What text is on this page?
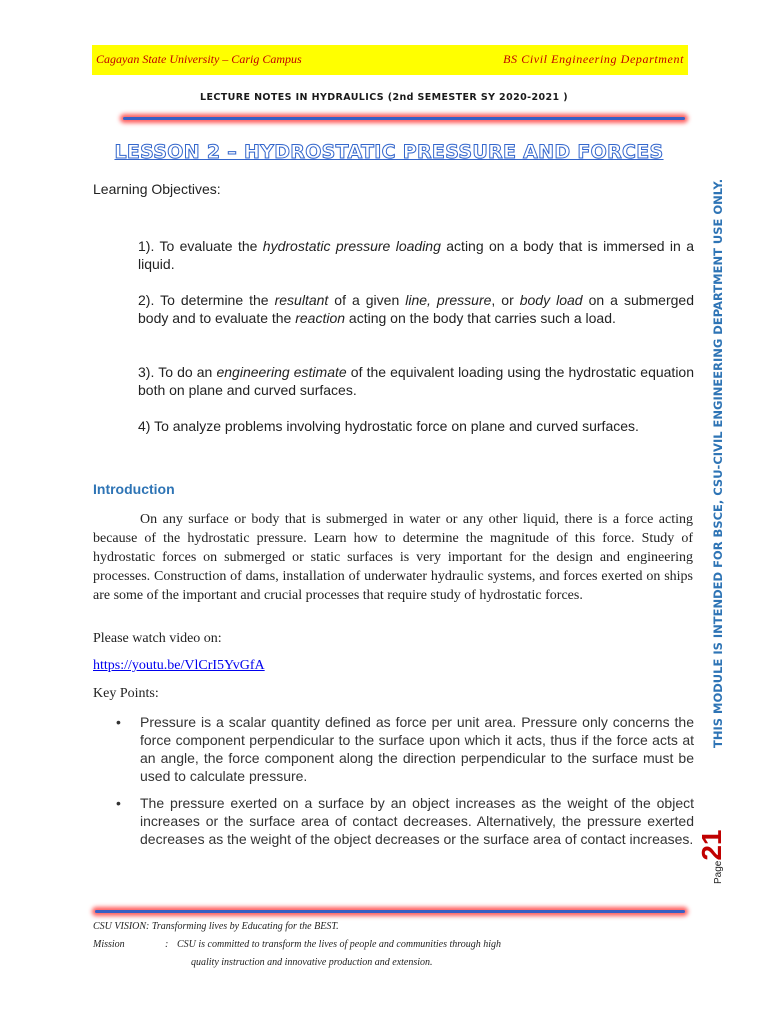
Cagayan State University – Carig Campus	BS Civil Engineering Department
LECTURE NOTES IN HYDRAULICS (2nd SEMESTER SY 2020-2021 )
LESSON 2 – HYDROSTATIC PRESSURE AND FORCES
Learning Objectives:
1). To evaluate the hydrostatic pressure loading acting on a body that is immersed in a liquid.
2). To determine the resultant of a given line, pressure, or body load on a submerged body and to evaluate the reaction acting on the body that carries such a load.
3). To do an engineering estimate of the equivalent loading using the hydrostatic equation both on plane and curved surfaces.
4) To analyze problems involving hydrostatic force on plane and curved surfaces.
Introduction
On any surface or body that is submerged in water or any other liquid, there is a force acting because of the hydrostatic pressure. Learn how to determine the magnitude of this force. Study of hydrostatic forces on submerged or static surfaces is very important for the design and engineering processes. Construction of dams, installation of underwater hydraulic systems, and forces exerted on ships are some of the important and crucial processes that require study of hydrostatic forces.
Please watch video on:
https://youtu.be/VlCrI5YvGfA
Key Points:
• Pressure is a scalar quantity defined as force per unit area. Pressure only concerns the force component perpendicular to the surface upon which it acts, thus if the force acts at an angle, the force component along the direction perpendicular to the surface must be used to calculate pressure.
• The pressure exerted on a surface by an object increases as the weight of the object increases or the surface area of contact decreases. Alternatively, the pressure exerted decreases as the weight of the object decreases or the surface area of contact increases.
THIS MODULE IS INTENDED FOR BSCE, CSU-CIVIL ENGINEERING DEPARTMENT USE ONLY.
Page21
CSU VISION: Transforming lives by Educating for the BEST.
Mission	: CSU is committed to transform the lives of people and communities through high
quality instruction and innovative production and extension.
